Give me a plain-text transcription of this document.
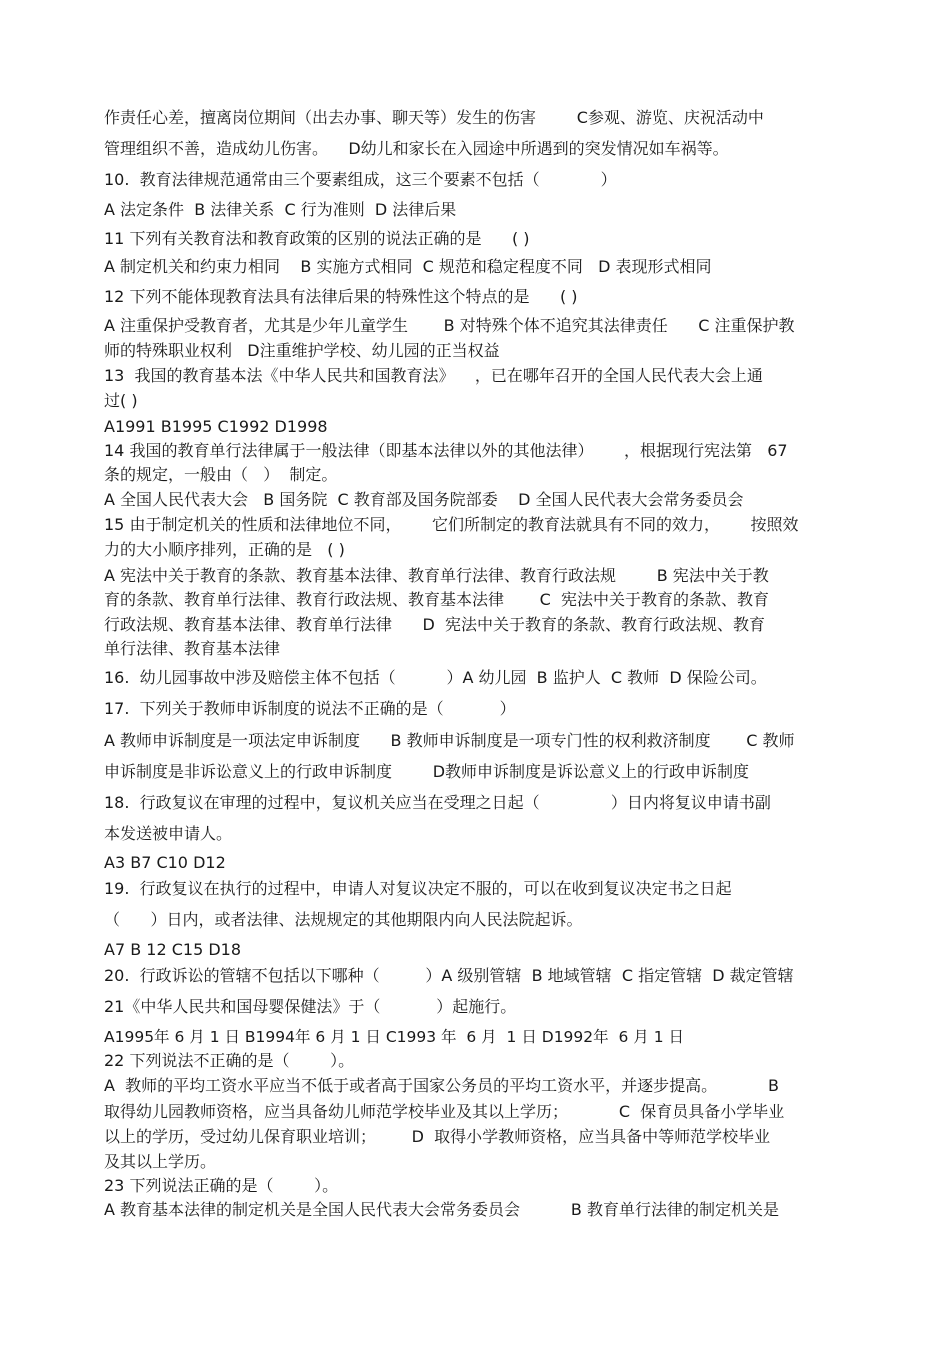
作责任心差，擅离岗位期间（出去办事、聊天等）发生的伤害        C参观、游览、庆祝活动中
管理组织不善，造成幼儿伤害。    D幼儿和家长在入园途中所遇到的突发情况如车祸等。
10.  教育法律规范通常由三个要素组成，这三个要素不包括（            ）
A 法定条件  B 法律关系  C 行为准则  D 法律后果
11 下列有关教育法和教育政策的区别的说法正确的是      ( )
A 制定机关和约束力相同    B 实施方式相同  C 规范和稳定程度不同   D 表现形式相同
12 下列不能体现教育法具有法律后果的特殊性这个特点的是      ( )
A 注重保护受教育者，尤其是少年儿童学生       B 对特殊个体不追究其法律责任      C 注重保护教
师的特殊职业权利   D注重维护学校、幼儿园的正当权益
13  我国的教育基本法《中华人民共和国教育法》    ，已在哪年召开的全国人民代表大会上通
过( )
A1991 B1995 C1992 D1998
14 我国的教育单行法律属于一般法律（即基本法律以外的其他法律）      ，根据现行宪法第   67
条的规定，一般由（   ）  制定。
A 全国人民代表大会   B 国务院  C 教育部及国务院部委    D 全国人民代表大会常务委员会
15 由于制定机关的性质和法律地位不同，      它们所制定的教育法就具有不同的效力，      按照效
力的大小顺序排列，正确的是   ( )
A 宪法中关于教育的条款、教育基本法律、教育单行法律、教育行政法规        B 宪法中关于教
育的条款、教育单行法律、教育行政法规、教育基本法律       C  宪法中关于教育的条款、教育
行政法规、教育基本法律、教育单行法律      D  宪法中关于教育的条款、教育行政法规、教育
单行法律、教育基本法律
16.  幼儿园事故中涉及赔偿主体不包括（          ）A 幼儿园  B 监护人  C 教师  D 保险公司。
17.  下列关于教师申诉制度的说法不正确的是（           ）
A 教师申诉制度是一项法定申诉制度      B 教师申诉制度是一项专门性的权利救济制度       C 教师
申诉制度是非诉讼意义上的行政申诉制度        D教师申诉制度是诉讼意义上的行政申诉制度
18.  行政复议在审理的过程中，复议机关应当在受理之日起（              ）日内将复议申请书副
本发送被申请人。
A3 B7 C10 D12
19.  行政复议在执行的过程中，申请人对复议决定不服的，可以在收到复议决定书之日起
（      ）日内，或者法律、法规规定的其他期限内向人民法院起诉。
A7 B 12 C15 D18
20.  行政诉讼的管辖不包括以下哪种（         ）A 级别管辖  B 地域管辖  C 指定管辖  D 裁定管辖
21《中华人民共和国母婴保健法》于（           ）起施行。
A1995年 6 月 1 日 B1994年 6 月 1 日 C1993 年  6 月  1 日 D1992年  6 月 1 日
22 下列说法不正确的是（        ）。
A  教师的平均工资水平应当不低于或者高于国家公务员的平均工资水平，并逐步提高。          B
取得幼儿园教师资格，应当具备幼儿师范学校毕业及其以上学历；          C  保育员具备小学毕业
以上的学历，受过幼儿保育职业培训；       D  取得小学教师资格，应当具备中等师范学校毕业
及其以上学历。
23 下列说法正确的是（        ）。
A 教育基本法律的制定机关是全国人民代表大会常务委员会          B 教育单行法律的制定机关是
